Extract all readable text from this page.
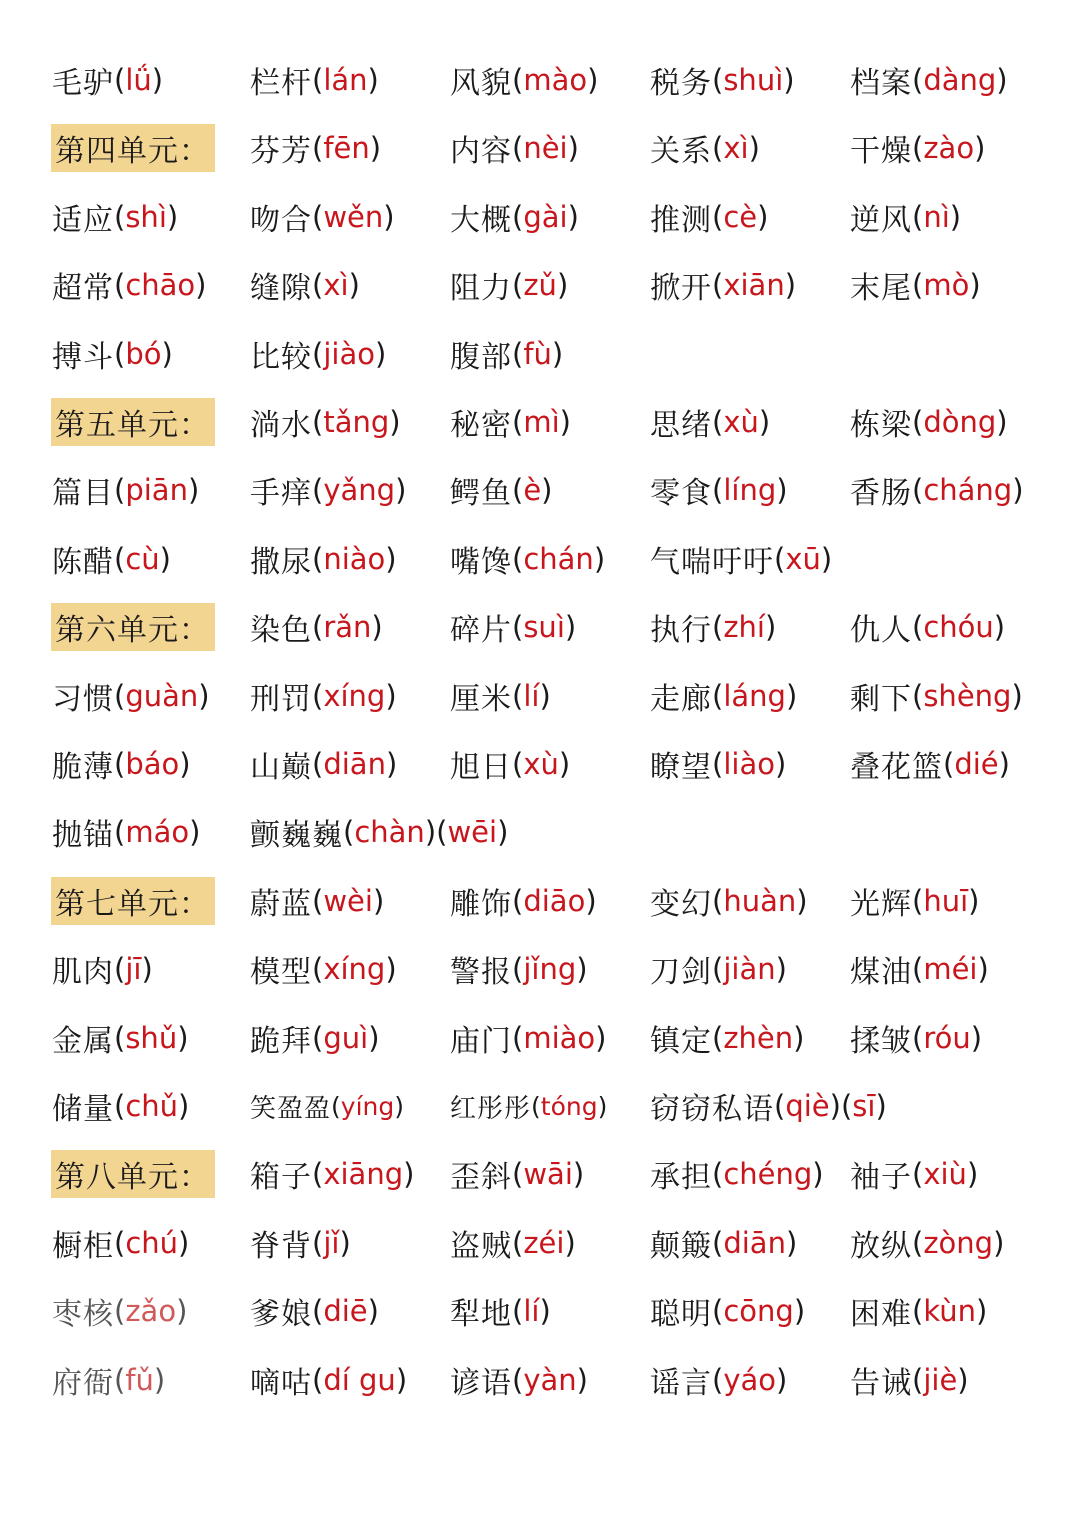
毛驴 ( lǘ )	栏杆 ( lán ) 风貌 ( mào ) 税务 ( shuì ) 档案 ( dàng )
第四单元： 芬芳 ( fēn ) 内容 ( nèi ) 关系 ( xì )	干燥 ( zào )
适应 ( shì ) 吻合 ( wěn ) 大概 ( gài ) 推测 ( cè )	逆风 ( nì )
超常 ( chāo ) 缝隙 ( xì )	阻力 ( zǔ )	掀开 ( xiān ) 末尾 ( mò )
搏斗 ( bó )	比较 ( jiào ) 腹部 ( fù )
第五单元： 淌水 ( tǎng ) 秘密 ( mì )	思绪 ( xù )	栋梁 ( dòng )
篇目 ( piān ) 手痒 ( yǎng ) 鳄鱼 ( è )	零食 ( líng ) 香肠 ( cháng )
陈醋 ( cù )	撒尿 ( niào ) 嘴馋 ( chán ) 气喘吁吁 ( xū )
第六单元： 染色 ( rǎn ) 碎片 ( suì ) 执行 ( zhí ) 仇人 ( chóu )
习惯 ( guàn ) 刑罚 ( xíng ) 厘米 ( lí )	走廊 ( láng ) 剩下 ( shèng )
脆薄 ( báo ) 山巅 ( diān ) 旭日 ( xù )	瞭望 ( liào ) 叠花篮 ( dié )
抛锚 ( máo ) 颤巍巍 ( chàn ) ( wēi )
第七单元： 蔚蓝 ( wèi ) 雕饰 ( diāo ) 变幻 ( huàn ) 光辉 ( huī )
肌肉 ( jī )	模型 ( xíng ) 警报 ( jǐng ) 刀剑 ( jiàn ) 煤油 ( méi )
金属 ( shǔ ) 跪拜 ( guì ) 庙门 ( miào ) 镇定 ( zhèn ) 揉皱 ( róu )
储量 ( chǔ ) 笑盈盈 ( yíng ) 红彤彤 ( tóng ) 窃窃私语 ( qiè ) ( sī )
第八单元： 箱子 ( xiāng ) 歪斜 ( wāi ) 承担 ( chéng ) 袖子 ( xiù )
橱柜 ( chú ) 脊背 ( jǐ )	盗贼 ( zéi ) 颠簸 ( diān ) 放纵 ( zòng )
枣核 ( zǎo ) 爹娘 ( diē ) 犁地 ( lí )	聪明 ( cōng ) 困难 ( kùn )
府衙 ( fǔ )	嘀咕 ( dí gu ) 谚语 ( yàn ) 谣言 ( yáo ) 告诫 ( jiè )
